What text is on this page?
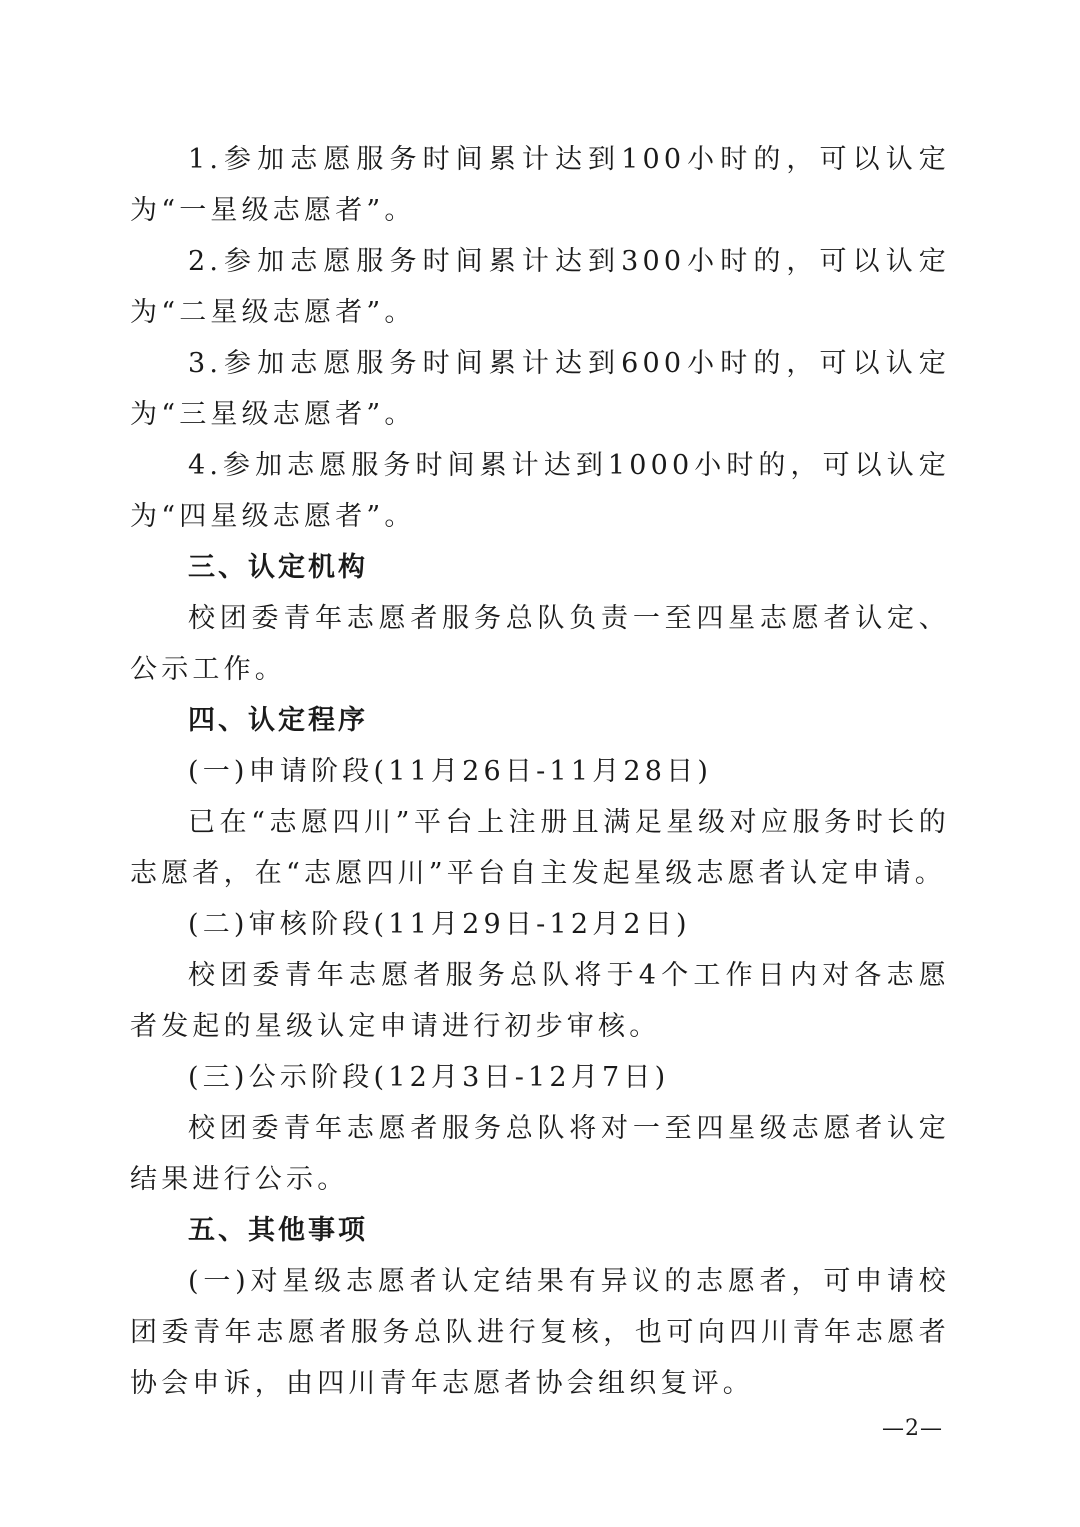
1.参加志愿服务时间累计达到100小时的，可以认定为“一星级志愿者”。

2.参加志愿服务时间累计达到300小时的，可以认定为“二星级志愿者”。

3.参加志愿服务时间累计达到600小时的，可以认定为“三星级志愿者”。

4.参加志愿服务时间累计达到1000小时的，可以认定为“四星级志愿者”。

三、认定机构

校团委青年志愿者服务总队负责一至四星志愿者认定、公示工作。

四、认定程序

(一)申请阶段(11月26日-11月28日)

已在“志愿四川”平台上注册且满足星级对应服务时长的志愿者，在“志愿四川”平台自主发起星级志愿者认定申请。

(二)审核阶段(11月29日-12月2日)

校团委青年志愿者服务总队将于4个工作日内对各志愿者发起的星级认定申请进行初步审核。

(三)公示阶段(12月3日-12月7日)

校团委青年志愿者服务总队将对一至四星级志愿者认定结果进行公示。

五、其他事项

(一)对星级志愿者认定结果有异议的志愿者，可申请校团委青年志愿者服务总队进行复核，也可向四川青年志愿者协会申诉，由四川青年志愿者协会组织复评。

—2—
